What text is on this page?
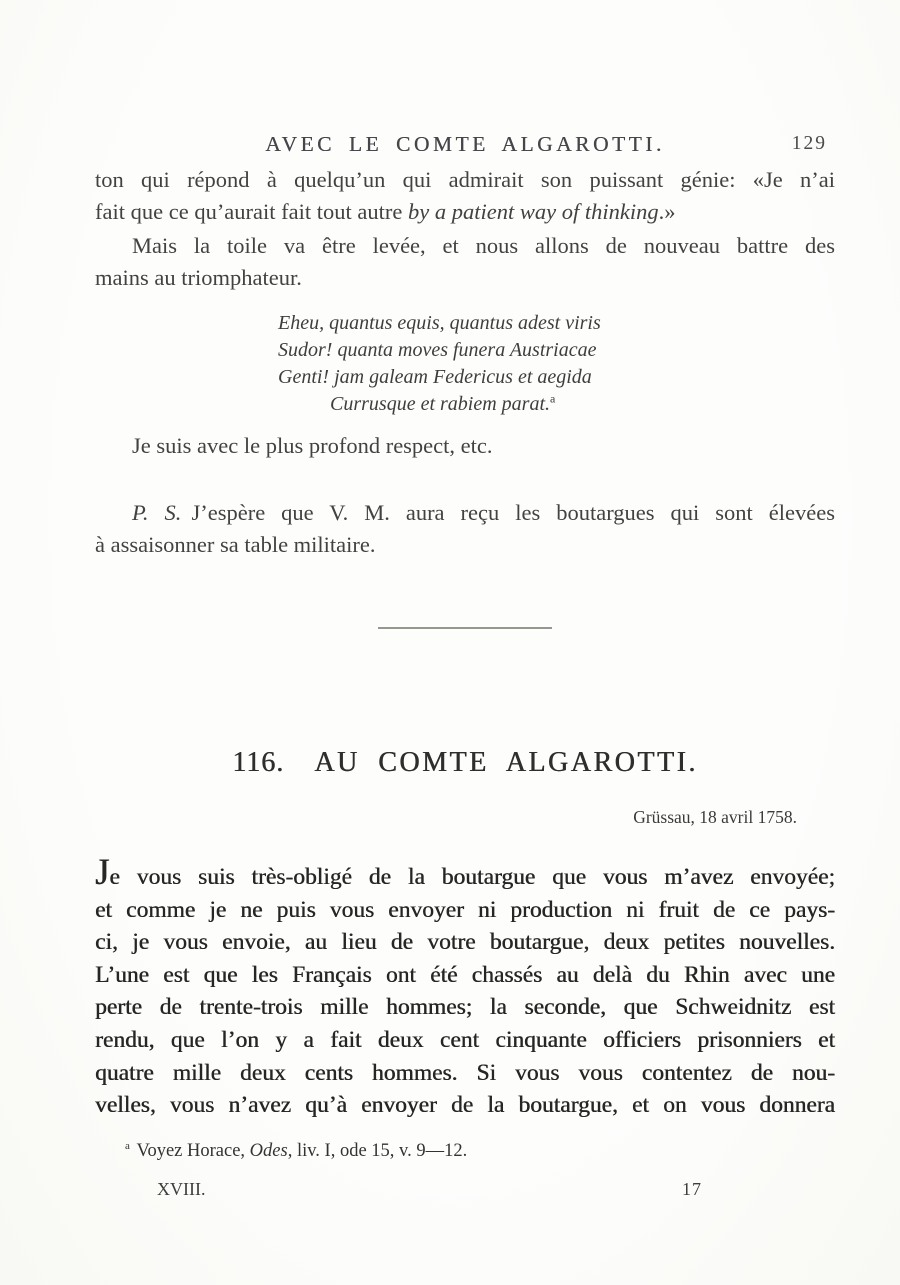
AVEC LE COMTE ALGAROTTI.	129
ton qui répond à quelqu’un qui admirait son puissant génie: «Je n’ai
fait que ce qu’aurait fait tout autre by a patient way of thinking.»
Mais la toile va être levée, et nous allons de nouveau battre des
mains au triomphateur.
Eheu, quantus equis, quantus adest viris
Sudor! quanta moves funera Austriacae
Genti! jam galeam Federicus et aegida
Currusque et rabiem parat.$^a$
Je suis avec le plus profond respect, etc.
P. S. J’espère que V. M. aura reçu les boutargues qui sont élevées
à assaisonner sa table militaire.
116. AU COMTE ALGAROTTI.
Grüssau, 18 avril 1758.
Je vous suis très-obligé de la boutargue que vous m’avez envoyée;
et comme je ne puis vous envoyer ni production ni fruit de ce pays-
ci, je vous envoie, au lieu de votre boutargue, deux petites nouvelles.
L’une est que les Français ont été chassés au delà du Rhin avec une
perte de trente-trois mille hommes; la seconde, que Schweidnitz est
rendu, que l’on y a fait deux cent cinquante officiers prisonniers et
quatre mille deux cents hommes. Si vous vous contentez de nou-
velles, vous n’avez qu’à envoyer de la boutargue, et on vous donnera
$^a$ Voyez Horace, Odes, liv. I, ode 15, v. 9—12.
XVIII.	17
